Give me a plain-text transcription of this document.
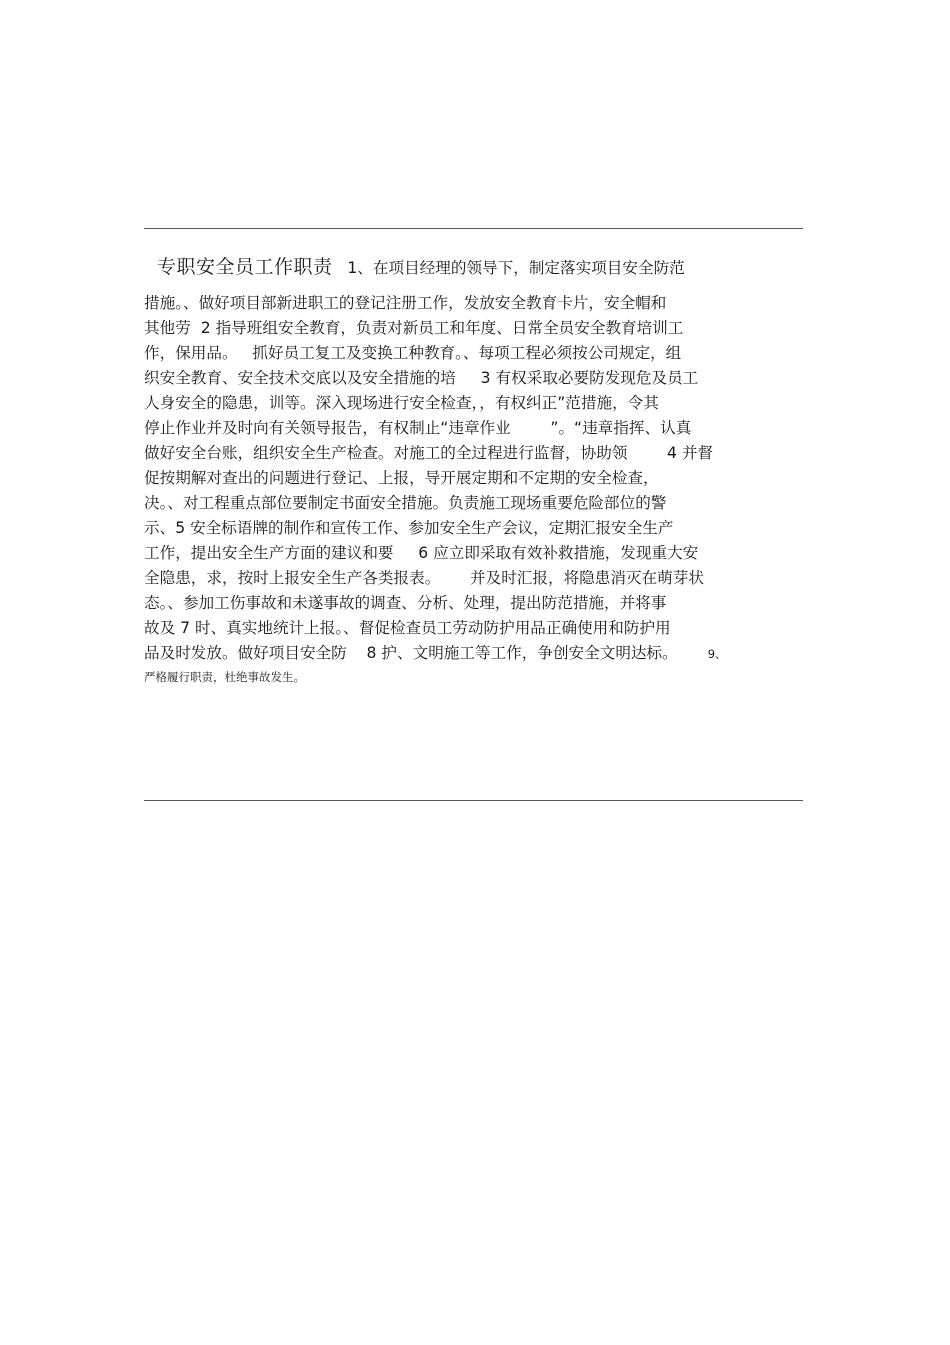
专职安全员工作职责   1、在项目经理的领导下，制定落实项目安全防范
措施。、做好项目部新进职工的登记注册工作，发放安全教育卡片，安全帽和
其他劳  2 指导班组安全教育，负责对新员工和年度、日常全员安全教育培训工
作，保用品。   抓好员工复工及变换工种教育。、每项工程必须按公司规定，组
织安全教育、安全技术交底以及安全措施的培     3 有权采取必要防发现危及员工
人身安全的隐患，训等。深入现场进行安全检查，，有权纠正”范措施，令其
停止作业并及时向有关领导报告，有权制止“违章作业        ”。“违章指挥、认真
做好安全台账，组织安全生产检查。对施工的全过程进行监督，协助领        4 并督
促按期解对查出的问题进行登记、上报，导开展定期和不定期的安全检查，
决。、对工程重点部位要制定书面安全措施。负责施工现场重要危险部位的警
示、5 安全标语牌的制作和宣传工作、参加安全生产会议，定期汇报安全生产
工作，提出安全生产方面的建议和要     6 应立即采取有效补救措施，发现重大安
全隐患，求，按时上报安全生产各类报表。      并及时汇报，将隐患消灭在萌芽状
态。、参加工伤事故和未遂事故的调查、分析、处理，提出防范措施，并将事
故及 7 时、真实地统计上报。、督促检查员工劳动防护用品正确使用和防护用
品及时发放。做好项目安全防    8 护、文明施工等工作，争创安全文明达标。	9、
严格履行职责，杜绝事故发生。
